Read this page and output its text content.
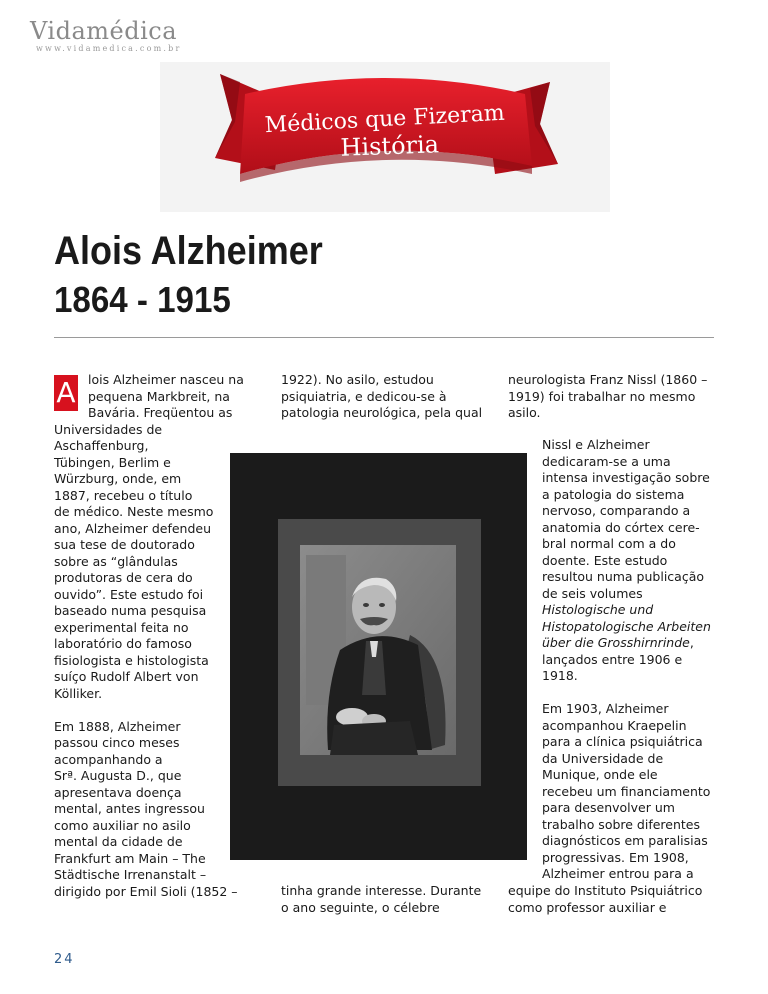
Vidamédica
www.vidamedica.com.br
Médicos que Fizeram
História
Alois Alzheimer
1864 - 1915
A lois Alzheimer nasceu na
pequena Markbreit, na
Bavária. Freqüentou as
Universidades de
Aschaffenburg,
Tübingen, Berlim e
Würzburg, onde, em
1887, recebeu o título
de médico. Neste mesmo
ano, Alzheimer defendeu
sua tese de doutorado
sobre as “glândulas
produtoras de cera do
ouvido”. Este estudo foi
baseado numa pesquisa
experimental feita no
laboratório do famoso
fisiologista e histologista
suíço Rudolf Albert von
Kölliker.
Em 1888, Alzheimer
passou cinco meses
acompanhando a
Srª. Augusta D., que
apresentava doença
mental, antes ingressou
como auxiliar no asilo
mental da cidade de
Frankfurt am Main – The
Städtische Irrenanstalt –
dirigido por Emil Sioli (1852 –
1922). No asilo, estudou
psiquiatria, e dedicou-se à
patologia neurológica, pela qual
tinha grande interesse. Durante
o ano seguinte, o célebre
neurologista Franz Nissl (1860 –
1919) foi trabalhar no mesmo
asilo.
Nissl e Alzheimer
dedicaram-se a uma
intensa investigação sobre
a patologia do sistema
nervoso, comparando a
anatomia do córtex cere-
bral normal com a do
doente. Este estudo
resultou numa publicação
de seis volumes
Histologische und
Histopatologische Arbeiten
über die Grosshirnrinde,
lançados entre 1906 e
1918.
Em 1903, Alzheimer
acompanhou Kraepelin
para a clínica psiquiátrica
da Universidade de
Munique, onde ele
recebeu um financiamento
para desenvolver um
trabalho sobre diferentes
diagnósticos em paralisias
progressivas. Em 1908,
Alzheimer entrou para a
equipe do Instituto Psiquiátrico
como professor auxiliar e
24
